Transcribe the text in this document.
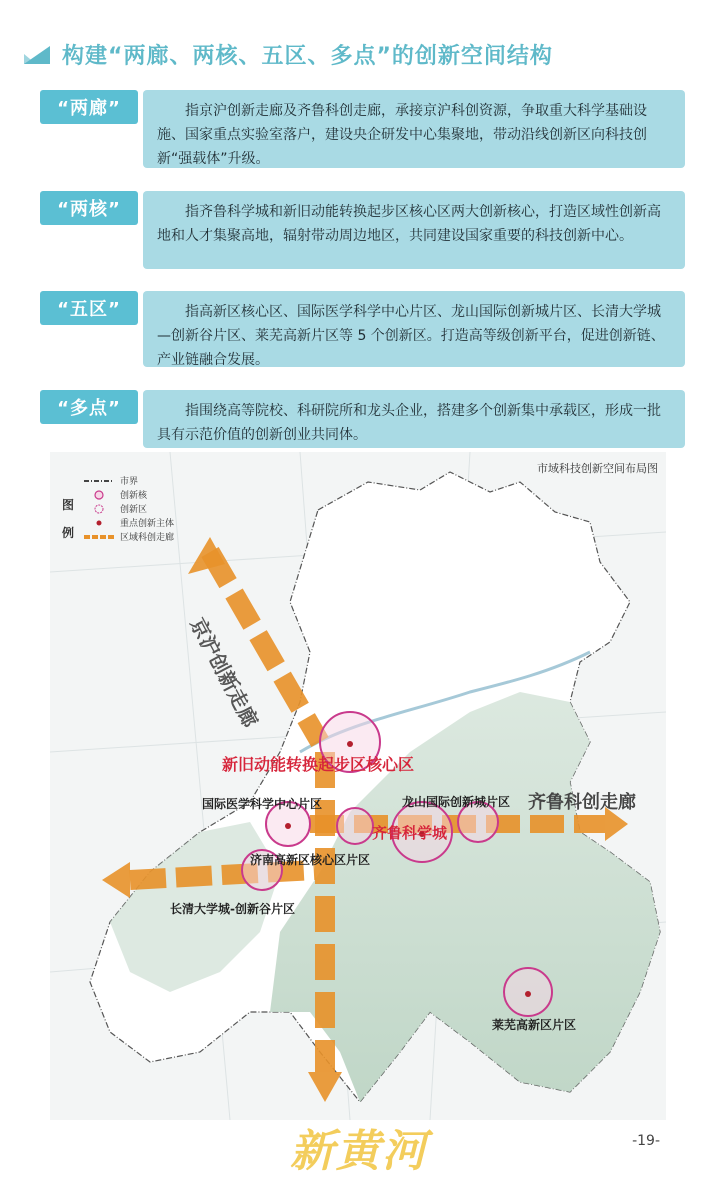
构建“两廊、两核、五区、多点”的创新空间结构
“两廊”	指京沪创新走廊及齐鲁科创走廊，承接京沪科创资源，争取重大科学基础设施、国家重点实验室落户，建设央企研发中心集聚地，带动沿线创新区向科技创新“强载体”升级。
“两核”	指齐鲁科学城和新旧动能转换起步区核心区两大创新核心，打造区域性创新高地和人才集聚高地，辐射带动周边地区，共同建设国家重要的科技创新中心。
“五区”	指高新区核心区、国际医学科学中心片区、龙山国际创新城片区、长清大学城—创新谷片区、莱芜高新片区等 5 个创新区。打造高等级创新平台，促进创新链、产业链融合发展。
“多点”	指围绕高等院校、科研院所和龙头企业，搭建多个创新集中承载区，形成一批具有示范价值的创新创业共同体。
市域科技创新空间布局图
图
例
市界
创新核
创新区
重点创新主体
区域科创走廊
京沪创新走廊
齐鲁科创走廊
新旧动能转换起步区核心区
齐鲁科学城
国际医学科学中心片区	龙山国际创新城片区
济南高新区核心区片区
长清大学城-创新谷片区
莱芜高新区片区
新黄河	-19-
